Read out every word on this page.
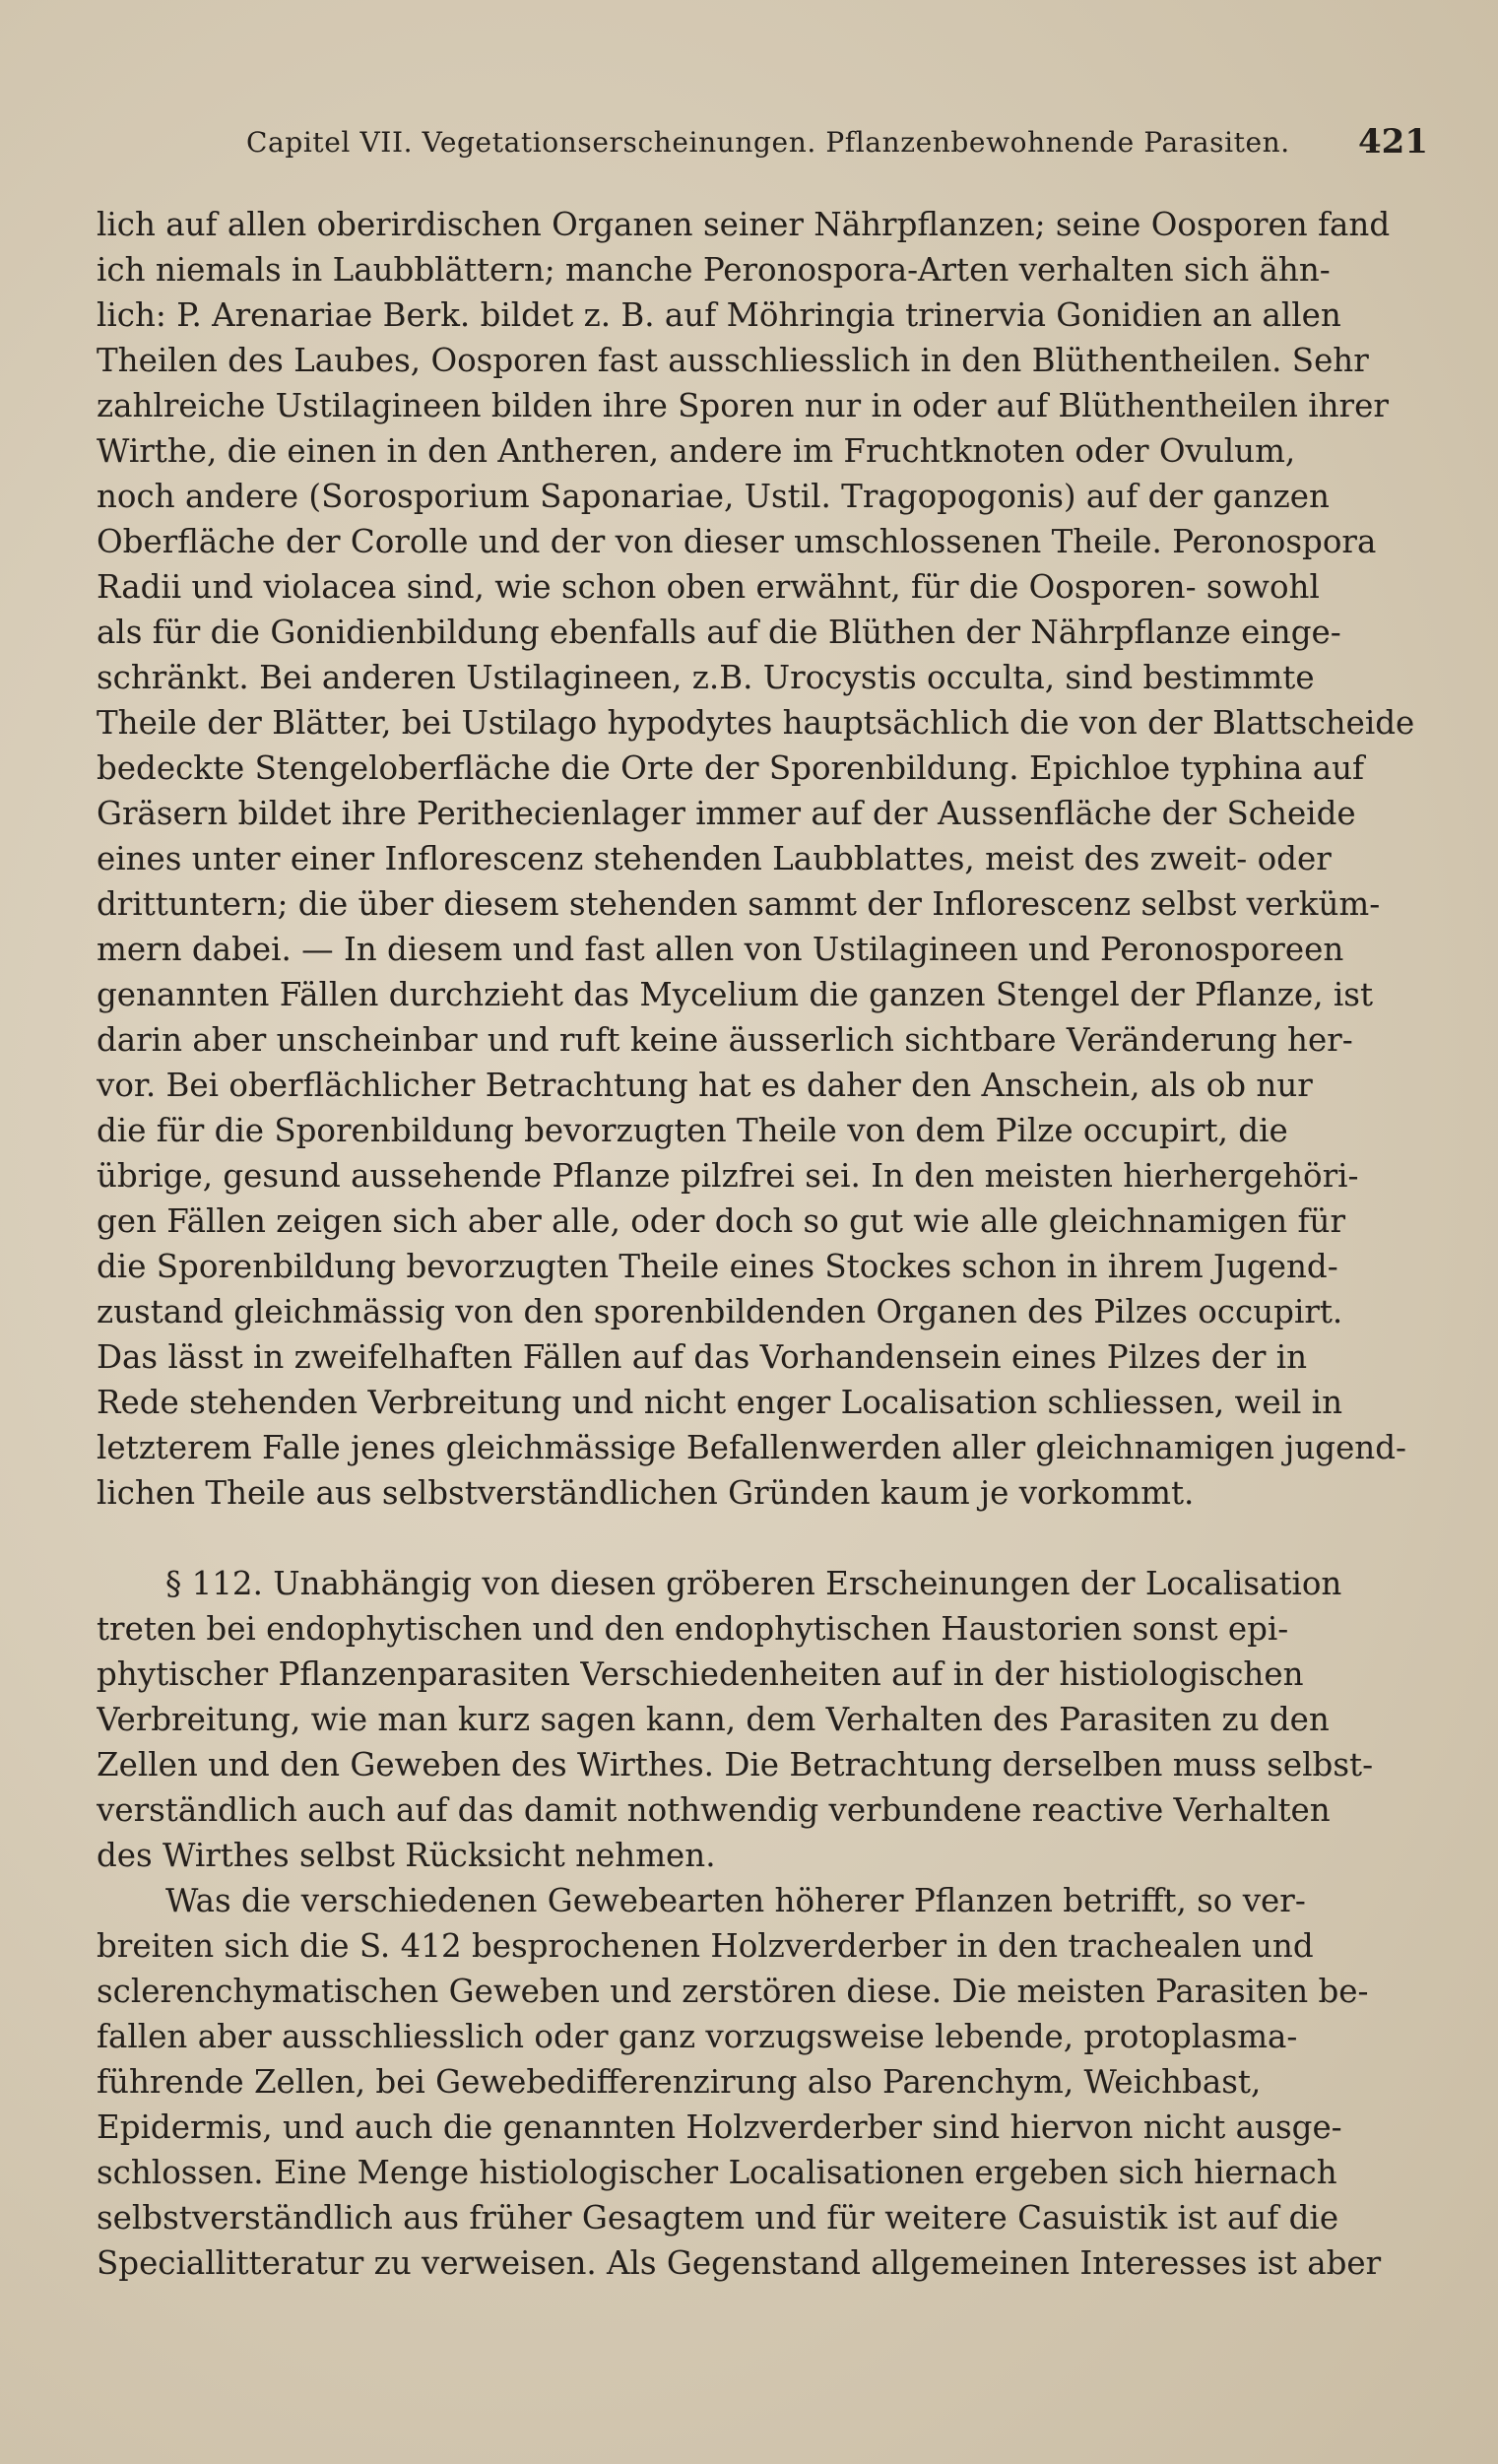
Capitel VII. Vegetationserscheinungen. Pflanzenbewohnende Parasiten. 421
lich auf allen oberirdischen Organen seiner Nährpflanzen; seine Oosporen fand
ich niemals in Laubblättern; manche Peronospora-Arten verhalten sich ähn-
lich: P. Arenariae Berk. bildet z. B. auf Möhringia trinervia Gonidien an allen
Theilen des Laubes, Oosporen fast ausschliesslich in den Blüthentheilen. Sehr
zahlreiche Ustilagineen bilden ihre Sporen nur in oder auf Blüthentheilen ihrer
Wirthe, die einen in den Antheren, andere im Fruchtknoten oder Ovulum,
noch andere (Sorosporium Saponariae, Ustil. Tragopogonis) auf der ganzen
Oberfläche der Corolle und der von dieser umschlossenen Theile. Peronospora
Radii und violacea sind, wie schon oben erwähnt, für die Oosporen- sowohl
als für die Gonidienbildung ebenfalls auf die Blüthen der Nährpflanze einge-
schränkt. Bei anderen Ustilagineen, z.B. Urocystis occulta, sind bestimmte
Theile der Blätter, bei Ustilago hypodytes hauptsächlich die von der Blattscheide
bedeckte Stengeloberfläche die Orte der Sporenbildung. Epichloe typhina auf
Gräsern bildet ihre Perithecienlager immer auf der Aussenfläche der Scheide
eines unter einer Inflorescenz stehenden Laubblattes, meist des zweit- oder
drittuntern; die über diesem stehenden sammt der Inflorescenz selbst verküm-
mern dabei. — In diesem und fast allen von Ustilagineen und Peronosporeen
genannten Fällen durchzieht das Mycelium die ganzen Stengel der Pflanze, ist
darin aber unscheinbar und ruft keine äusserlich sichtbare Veränderung her-
vor. Bei oberflächlicher Betrachtung hat es daher den Anschein, als ob nur
die für die Sporenbildung bevorzugten Theile von dem Pilze occupirt, die
übrige, gesund aussehende Pflanze pilzfrei sei. In den meisten hierhergehöri-
gen Fällen zeigen sich aber alle, oder doch so gut wie alle gleichnamigen für
die Sporenbildung bevorzugten Theile eines Stockes schon in ihrem Jugend-
zustand gleichmässig von den sporenbildenden Organen des Pilzes occupirt.
Das lässt in zweifelhaften Fällen auf das Vorhandensein eines Pilzes der in
Rede stehenden Verbreitung und nicht enger Localisation schliessen, weil in
letzterem Falle jenes gleichmässige Befallenwerden aller gleichnamigen jugend-
lichen Theile aus selbstverständlichen Gründen kaum je vorkommt.
§ 112. Unabhängig von diesen gröberen Erscheinungen der Localisation
treten bei endophytischen und den endophytischen Haustorien sonst epi-
phytischer Pflanzenparasiten Verschiedenheiten auf in der histiologischen
Verbreitung, wie man kurz sagen kann, dem Verhalten des Parasiten zu den
Zellen und den Geweben des Wirthes. Die Betrachtung derselben muss selbst-
verständlich auch auf das damit nothwendig verbundene reactive Verhalten
des Wirthes selbst Rücksicht nehmen.
Was die verschiedenen Gewebearten höherer Pflanzen betrifft, so ver-
breiten sich die S. 412 besprochenen Holzverderber in den trachealen und
sclerenchymatischen Geweben und zerstören diese. Die meisten Parasiten be-
fallen aber ausschliesslich oder ganz vorzugsweise lebende, protoplasma-
führende Zellen, bei Gewebedifferenzirung also Parenchym, Weichbast,
Epidermis, und auch die genannten Holzverderber sind hiervon nicht ausge-
schlossen. Eine Menge histiologischer Localisationen ergeben sich hiernach
selbstverständlich aus früher Gesagtem und für weitere Casuistik ist auf die
Speciallitteratur zu verweisen. Als Gegenstand allgemeinen Interesses ist aber
